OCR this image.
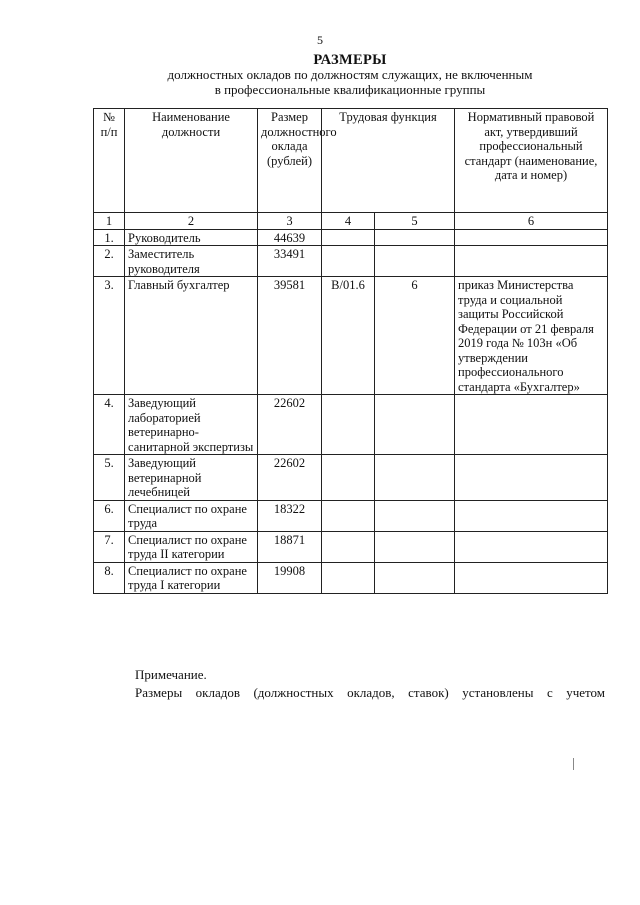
5
РАЗМЕРЫ
должностных окладов по должностям служащих, не включенным
в профессиональные квалификационные группы
№ п/п	Наименование должности	Размер должностного оклада (рублей)	Трудовая функция		Нормативный правовой акт, утвердивший профессиональный стандарт (наименование, дата и номер)
1	2	3	4	5	6
1.	Руководитель	44639			
2.	Заместитель руководителя	33491			
3.	Главный бухгалтер	39581	В/01.6	6	приказ Министерства труда и социальной защиты Российской Федерации от 21 февраля 2019 года № 103н «Об утверждении профессионального стандарта «Бухгалтер»
4.	Заведующий лабораторией ветеринарно-санитарной экспертизы	22602			
5.	Заведующий ветеринарной лечебницей	22602			
6.	Специалист по охране труда	18322			
7.	Специалист по охране труда II категории	18871			
8.	Специалист по охране труда I категории	19908			
Примечание.
Размеры окладов (должностных окладов, ставок) установлены с учетом
